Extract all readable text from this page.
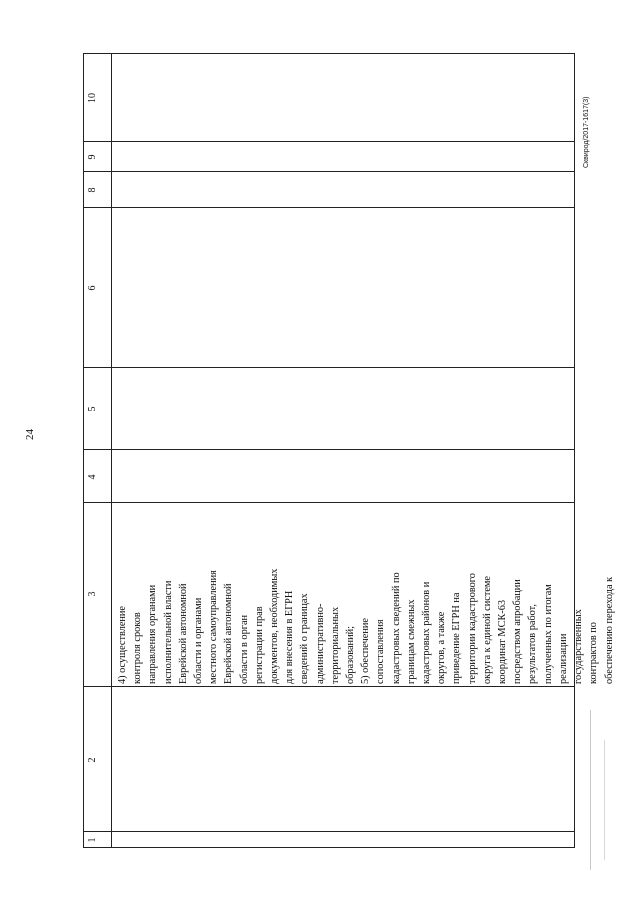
24
Сквирод/2017-1617(3)
1
2
3
4
5
6
8
9
10
4) осуществление контроля сроков направления органами исполнительной власти Еврейской автономной области и органами местного самоуправления Еврейской автономной области в орган регистрации прав документов, необходимых для внесения в ЕГРН сведений о границах административно- территориальных образований; 5) обеспечение сопоставления кадастровых сведений по границам смежных кадастровых районов и округов, а также приведение ЕГРН на территории кадастрового округа к единой системе координат МСК-63 посредством апробации результатов работ, полученных по итогам реализации государственных контрактов по обеспечению перехода к
